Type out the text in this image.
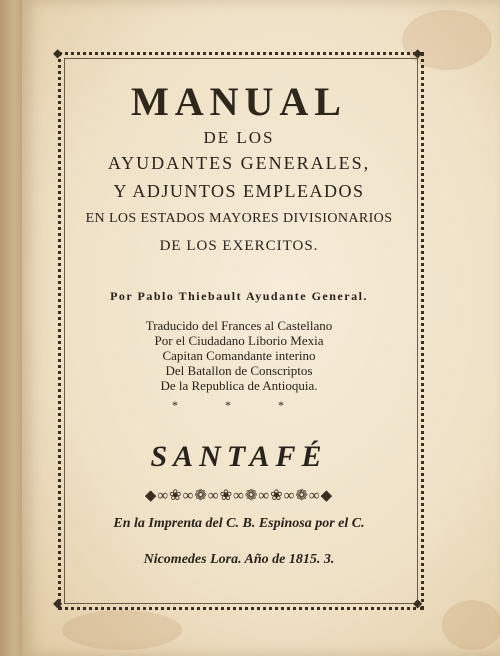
◆	◆
◆	◆
MANUAL
DE LOS
AYUDANTES GENERALES,
Y ADJUNTOS EMPLEADOS
EN LOS ESTADOS MAYORES DIVISIONARIOS
DE LOS EXERCITOS.
Por Pablo Thiebault Ayudante General.
Traducido del Frances al Castellano
Por el Ciudadano Liborio Mexia
Capitan Comandante interino
Del Batallon de Conscriptos
De la Republica de Antioquia.
* * *
SANTAFÉ
◆∞❀∞❁∞❀∞❁∞❀∞❁∞◆
En la Imprenta del C. B. Espinosa por el C.
Nicomedes Lora. Año de 1815. 3.
